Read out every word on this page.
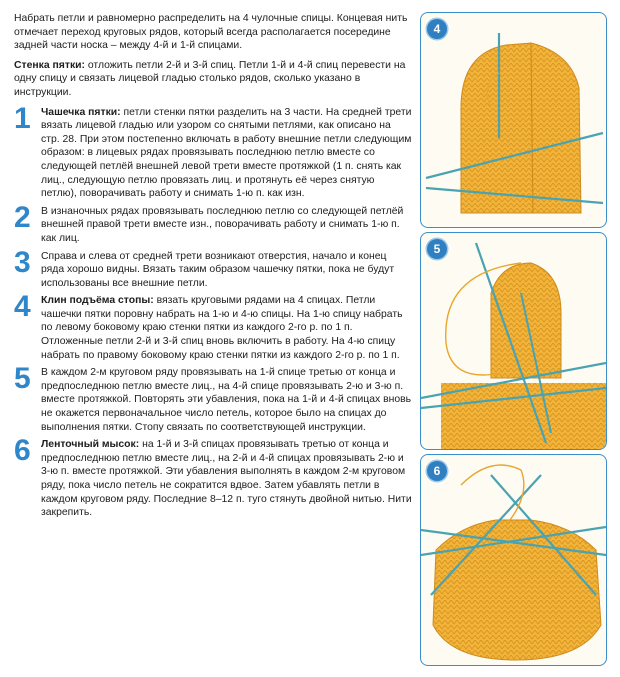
Набрать петли и равномерно распределить на 4 чулочные спицы. Концевая нить отмечает переход круговых рядов, который всегда располагается посередине задней части носка – между 4-й и 1-й спицами.

Стенка пятки: отложить петли 2-й и 3-й спиц. Петли 1-й и 4-й спиц перевести на одну спицу и связать лицевой гладью столько рядов, сколько указано в инструкции.

1 Чашечка пятки: петли стенки пятки разделить на 3 части. На средней трети вязать лицевой гладью или узором со снятыми петлями, как описано на стр. 28. При этом постепенно включать в работу внешние петли следующим образом: в лицевых рядах провязывать последнюю петлю вместе со следующей петлёй внешней левой трети вместе протяжкой (1 п. снять как лиц., следующую петлю провязать лиц. и протянуть её через снятую петлю), поворачивать работу и снимать 1-ю п. как изн.
2 В изнаночных рядах провязывать последнюю петлю со следующей петлёй внешней правой трети вместе изн., поворачивать работу и снимать 1-ю п. как лиц.
3 Справа и слева от средней трети возникают отверстия, начало и конец ряда хорошо видны. Вязать таким образом чашечку пятки, пока не будут использованы все внешние петли.
4 Клин подъёма стопы: вязать круговыми рядами на 4 спицах. Петли чашечки пятки поровну набрать на 1-ю и 4-ю спицы. На 1-ю спицу набрать по левому боковому краю стенки пятки из каждого 2-го р. по 1 п. Отложенные петли 2-й и 3-й спиц вновь включить в работу. На 4-ю спицу набрать по правому боковому краю стенки пятки из каждого 2-го р. по 1 п.
5 В каждом 2-м круговом ряду провязывать на 1-й спице третью от конца и предпоследнюю петлю вместе лиц., на 4-й спице провязывать 2-ю и 3-ю п. вместе протяжкой. Повторять эти убавления, пока на 1-й и 4-й спицах вновь не окажется первоначальное число петель, которое было на спицах до выполнения пятки. Стопу связать по соответствующей инструкции.
6 Ленточный мысок: на 1-й и 3-й спицах провязывать третью от конца и предпоследнюю петлю вместе лиц., на 2-й и 4-й спицах провязывать 2-ю и 3-ю п. вместе протяжкой. Эти убавления выполнять в каждом 2-м круговом ряду, пока число петель не сократится вдвое. Затем убавлять петли в каждом круговом ряду. Последние 8–12 п. туго стянуть двойной нитью. Нити закрепить.
4
5
6
